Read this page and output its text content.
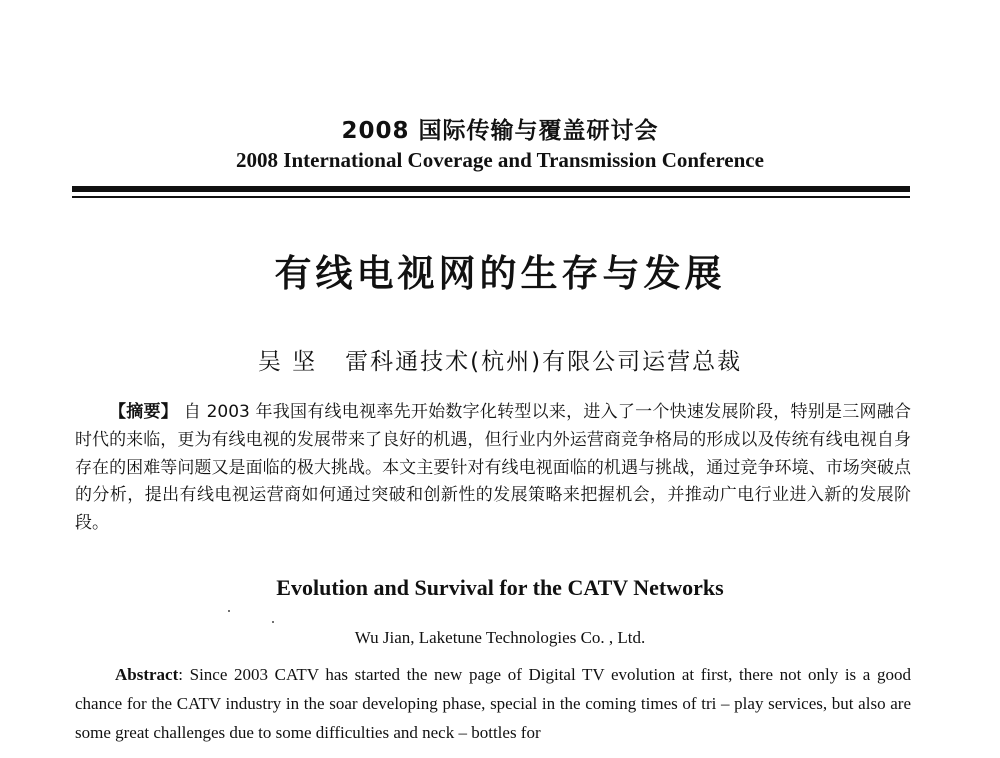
2008 国际传输与覆盖研讨会
2008 International Coverage and Transmission Conference
有线电视网的生存与发展
吴 坚 雷科通技术(杭州)有限公司运营总裁
【摘要】 自 2003 年我国有线电视率先开始数字化转型以来，进入了一个快速发展阶段，特别是三网融合时代的来临，更为有线电视的发展带来了良好的机遇，但行业内外运营商竞争格局的形成以及传统有线电视自身存在的困难等问题又是面临的极大挑战。本文主要针对有线电视面临的机遇与挑战，通过竞争环境、市场突破点的分析，提出有线电视运营商如何通过突破和创新性的发展策略来把握机会，并推动广电行业进入新的发展阶段。
Evolution and Survival for the CATV Networks
Wu Jian, Laketune Technologies Co. , Ltd.
Abstract: Since 2003 CATV has started the new page of Digital TV evolution at first, there not only is a good chance for the CATV industry in the soar developing phase, special in the coming times of tri – play services, but also are some great challenges due to some difficulties and neck – bottles for
